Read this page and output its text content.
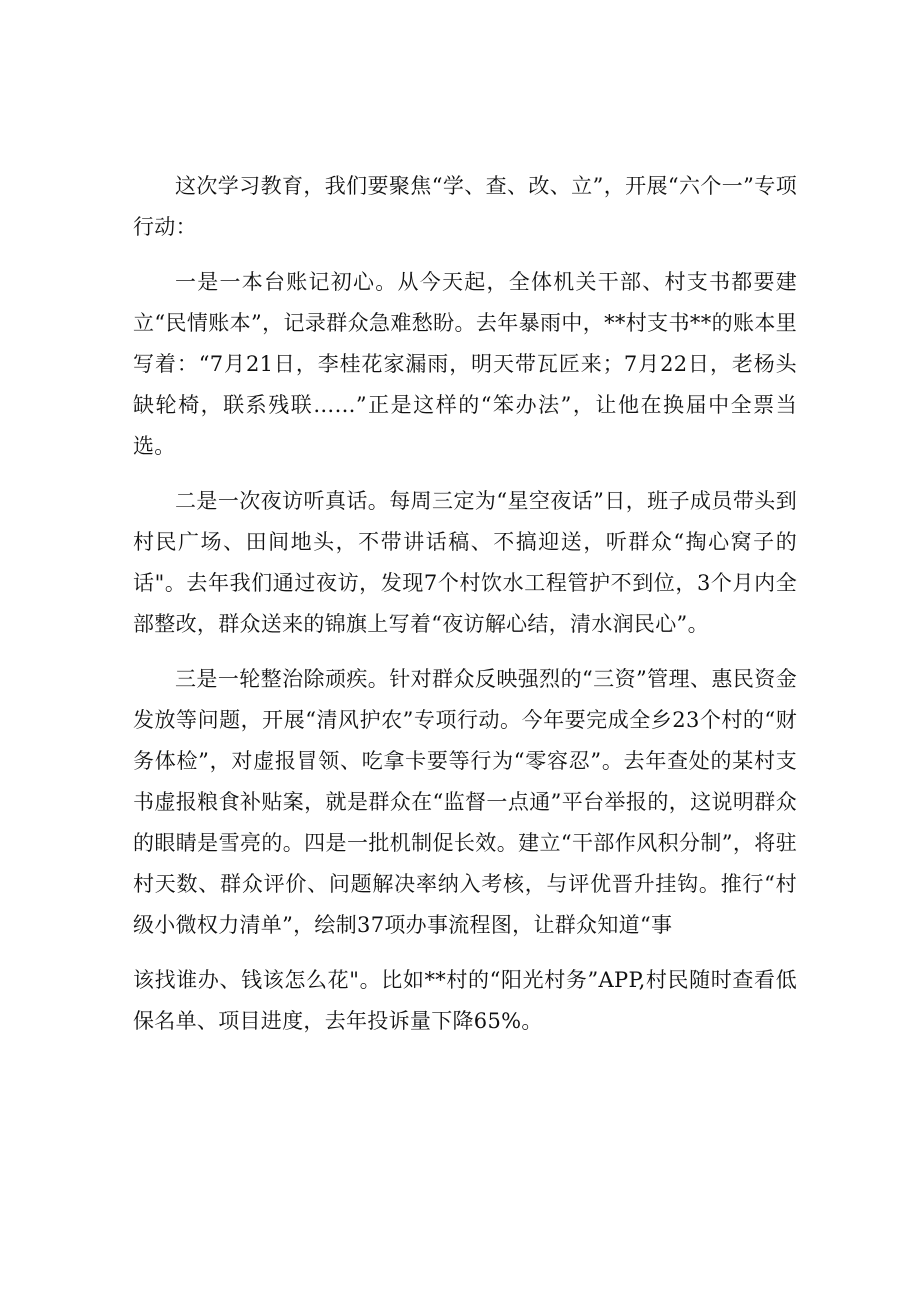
这次学习教育，我们要聚焦“学、查、改、立”，开展“六个一”专项行动：

一是一本台账记初心。从今天起，全体机关干部、村支书都要建立“民情账本”，记录群众急难愁盼。去年暴雨中，**村支书**的账本里写着：“7月21日，李桂花家漏雨，明天带瓦匠来；7月22日，老杨头缺轮椅，联系残联……”正是这样的“笨办法”，让他在换届中全票当选。

二是一次夜访听真话。每周三定为“星空夜话”日，班子成员带头到村民广场、田间地头，不带讲话稿、不搞迎送，听群众“掏心窝子的话"。去年我们通过夜访，发现7个村饮水工程管护不到位，3个月内全部整改，群众送来的锦旗上写着“夜访解心结，清水润民心”。

三是一轮整治除顽疾。针对群众反映强烈的“三资”管理、惠民资金发放等问题，开展“清风护农”专项行动。今年要完成全乡23个村的“财务体检”，对虚报冒领、吃拿卡要等行为“零容忍”。去年查处的某村支书虚报粮食补贴案，就是群众在“监督一点通”平台举报的，这说明群众的眼睛是雪亮的。四是一批机制促长效。建立“干部作风积分制”，将驻村天数、群众评价、问题解决率纳入考核，与评优晋升挂钩。推行“村级小微权力清单”，绘制37项办事流程图，让群众知道“事

该找谁办、钱该怎么花"。比如**村的“阳光村务”APP,村民随时查看低保名单、项目进度，去年投诉量下降65%。
